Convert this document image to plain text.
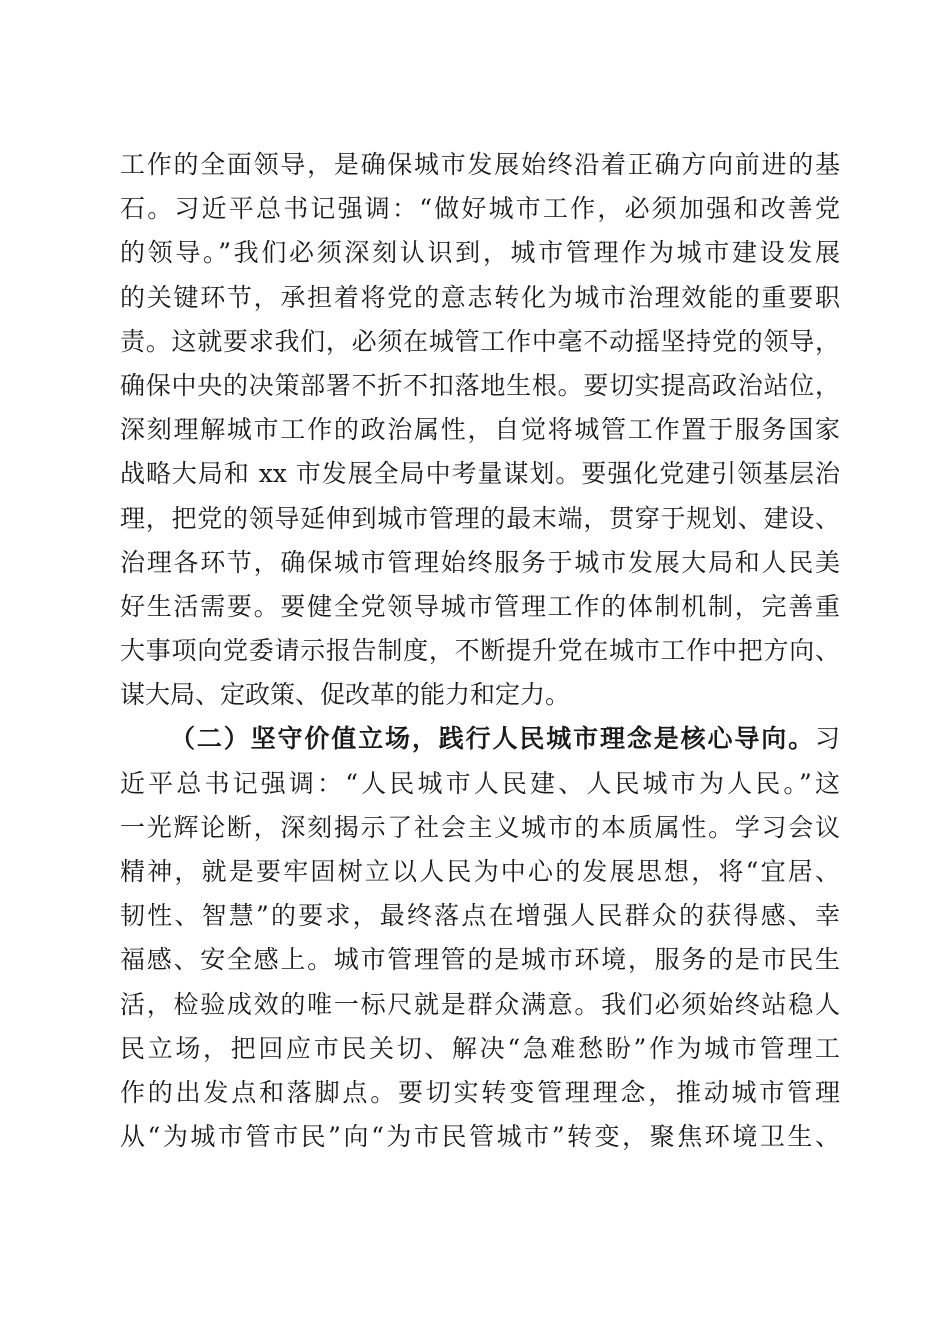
工作的全面领导，是确保城市发展始终沿着正确方向前进的基
石。习近平总书记强调：“做好城市工作，必须加强和改善党
的领导。”我们必须深刻认识到，城市管理作为城市建设发展
的关键环节，承担着将党的意志转化为城市治理效能的重要职
责。这就要求我们，必须在城管工作中毫不动摇坚持党的领导，
确保中央的决策部署不折不扣落地生根。要切实提高政治站位，
深刻理解城市工作的政治属性，自觉将城管工作置于服务国家
战略大局和 xx 市发展全局中考量谋划。要强化党建引领基层治
理，把党的领导延伸到城市管理的最末端，贯穿于规划、建设、
治理各环节，确保城市管理始终服务于城市发展大局和人民美
好生活需要。要健全党领导城市管理工作的体制机制，完善重
大事项向党委请示报告制度，不断提升党在城市工作中把方向、
谋大局、定政策、促改革的能力和定力。
（二）坚守价值立场，践行人民城市理念是核心导向。习
近平总书记强调：“人民城市人民建、人民城市为人民。”这
一光辉论断，深刻揭示了社会主义城市的本质属性。学习会议
精神，就是要牢固树立以人民为中心的发展思想，将“宜居、
韧性、智慧”的要求，最终落点在增强人民群众的获得感、幸
福感、安全感上。城市管理管的是城市环境，服务的是市民生
活，检验成效的唯一标尺就是群众满意。我们必须始终站稳人
民立场，把回应市民关切、解决“急难愁盼”作为城市管理工
作的出发点和落脚点。要切实转变管理理念，推动城市管理
从“为城市管市民”向“为市民管城市”转变，聚焦环境卫生、
